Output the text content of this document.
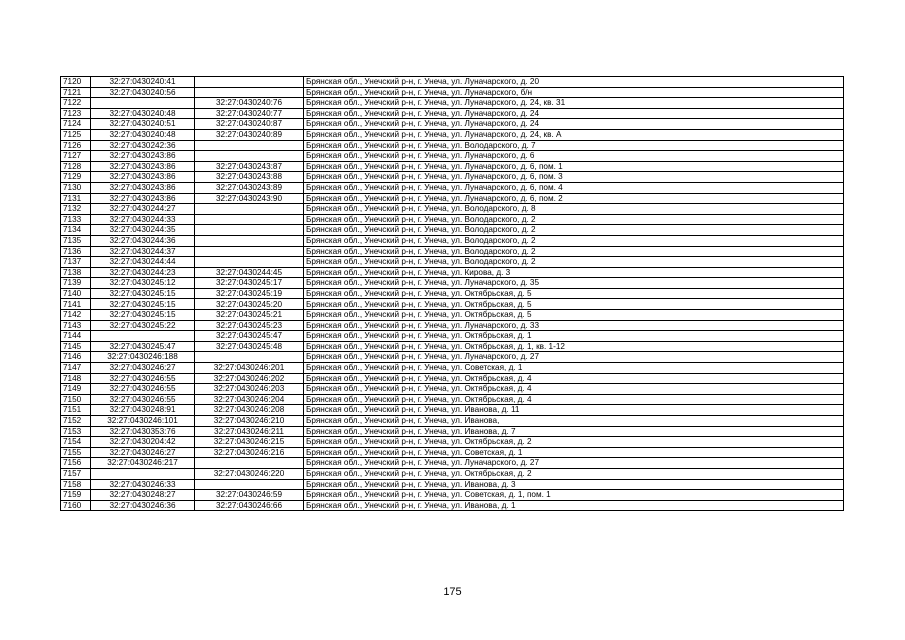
7120	32:27:0430240:41		Брянская обл., Унечский р-н, г. Унеча, ул. Луначарского, д. 20
7121	32:27:0430240:56		Брянская обл., Унечский р-н, г. Унеча, ул. Луначарского, б/н
7122		32:27:0430240:76	Брянская обл., Унечский р-н, г. Унеча, ул. Луначарского, д. 24, кв. 31
7123	32:27:0430240:48	32:27:0430240:77	Брянская обл., Унечский р-н, г. Унеча, ул. Луначарского, д. 24
7124	32:27:0430240:51	32:27:0430240:87	Брянская обл., Унечский р-н, г. Унеча, ул. Луначарского, д. 24
7125	32:27:0430240:48	32:27:0430240:89	Брянская обл., Унечский р-н, г. Унеча, ул. Луначарского, д. 24, кв. А
7126	32:27:0430242:36		Брянская обл., Унечский р-н, г. Унеча, ул. Володарского, д. 7
7127	32:27:0430243:86		Брянская обл., Унечский р-н, г. Унеча, ул. Луначарского, д. 6
7128	32:27:0430243:86	32:27:0430243:87	Брянская обл., Унечский р-н, г. Унеча, ул. Луначарского, д. 6, пом. 1
7129	32:27:0430243:86	32:27:0430243:88	Брянская обл., Унечский р-н, г. Унеча, ул. Луначарского, д. 6, пом. 3
7130	32:27:0430243:86	32:27:0430243:89	Брянская обл., Унечский р-н, г. Унеча, ул. Луначарского, д. 6, пом. 4
7131	32:27:0430243:86	32:27:0430243:90	Брянская обл., Унечский р-н, г. Унеча, ул. Луначарского, д. 6, пом. 2
7132	32:27:0430244:27		Брянская обл., Унечский р-н, г. Унеча, ул. Володарского, д. 8
7133	32:27:0430244:33		Брянская обл., Унечский р-н, г. Унеча, ул. Володарского, д. 2
7134	32:27:0430244:35		Брянская обл., Унечский р-н, г. Унеча, ул. Володарского, д. 2
7135	32:27:0430244:36		Брянская обл., Унечский р-н, г. Унеча, ул. Володарского, д. 2
7136	32:27:0430244:37		Брянская обл., Унечский р-н, г. Унеча, ул. Володарского, д. 2
7137	32:27:0430244:44		Брянская обл., Унечский р-н, г. Унеча, ул. Володарского, д. 2
7138	32:27:0430244:23	32:27:0430244:45	Брянская обл., Унечский р-н, г. Унеча, ул. Кирова, д. 3
7139	32:27:0430245:12	32:27:0430245:17	Брянская обл., Унечский р-н, г. Унеча, ул. Луначарского, д. 35
7140	32:27:0430245:15	32:27:0430245:19	Брянская обл., Унечский р-н, г. Унеча, ул. Октябрьская, д. 5
7141	32:27:0430245:15	32:27:0430245:20	Брянская обл., Унечский р-н, г. Унеча, ул. Октябрьская, д. 5
7142	32:27:0430245:15	32:27:0430245:21	Брянская обл., Унечский р-н, г. Унеча, ул. Октябрьская, д. 5
7143	32:27:0430245:22	32:27:0430245:23	Брянская обл., Унечский р-н, г. Унеча, ул. Луначарского, д. 33
7144		32:27:0430245:47	Брянская обл., Унечский р-н, г. Унеча, ул. Октябрьская, д. 1
7145	32:27:0430245:47	32:27:0430245:48	Брянская обл., Унечский р-н, г. Унеча, ул. Октябрьская, д. 1, кв. 1-12
7146	32:27:0430246:188		Брянская обл., Унечский р-н, г. Унеча, ул. Луначарского, д. 27
7147	32:27:0430246:27	32:27:0430246:201	Брянская обл., Унечский р-н, г. Унеча, ул. Советская, д. 1
7148	32:27:0430246:55	32:27:0430246:202	Брянская обл., Унечский р-н, г. Унеча, ул. Октябрьская, д. 4
7149	32:27:0430246:55	32:27:0430246:203	Брянская обл., Унечский р-н, г. Унеча, ул. Октябрьская, д. 4
7150	32:27:0430246:55	32:27:0430246:204	Брянская обл., Унечский р-н, г. Унеча, ул. Октябрьская, д. 4
7151	32:27:0430248:91	32:27:0430246:208	Брянская обл., Унечский р-н, г. Унеча, ул. Иванова, д. 11
7152	32:27:0430246:101	32:27:0430246:210	Брянская обл., Унечский р-н, г. Унеча, ул. Иванова,
7153	32:27:0430353:76	32:27:0430246:211	Брянская обл., Унечский р-н, г. Унеча, ул. Иванова, д. 7
7154	32:27:0430204:42	32:27:0430246:215	Брянская обл., Унечский р-н, г. Унеча, ул. Октябрьская, д. 2
7155	32:27:0430246:27	32:27:0430246:216	Брянская обл., Унечский р-н, г. Унеча, ул. Советская, д. 1
7156	32:27:0430246:217		Брянская обл., Унечский р-н, г. Унеча, ул. Луначарского, д. 27
7157		32:27:0430246:220	Брянская обл., Унечский р-н, г. Унеча, ул. Октябрьская, д. 2
7158	32:27:0430246:33		Брянская обл., Унечский р-н, г. Унеча, ул. Иванова, д. 3
7159	32:27:0430248:27	32:27:0430246:59	Брянская обл., Унечский р-н, г. Унеча, ул. Советская, д. 1, пом. 1
7160	32:27:0430246:36	32:27:0430246:66	Брянская обл., Унечский р-н, г. Унеча, ул. Иванова, д. 1
175
